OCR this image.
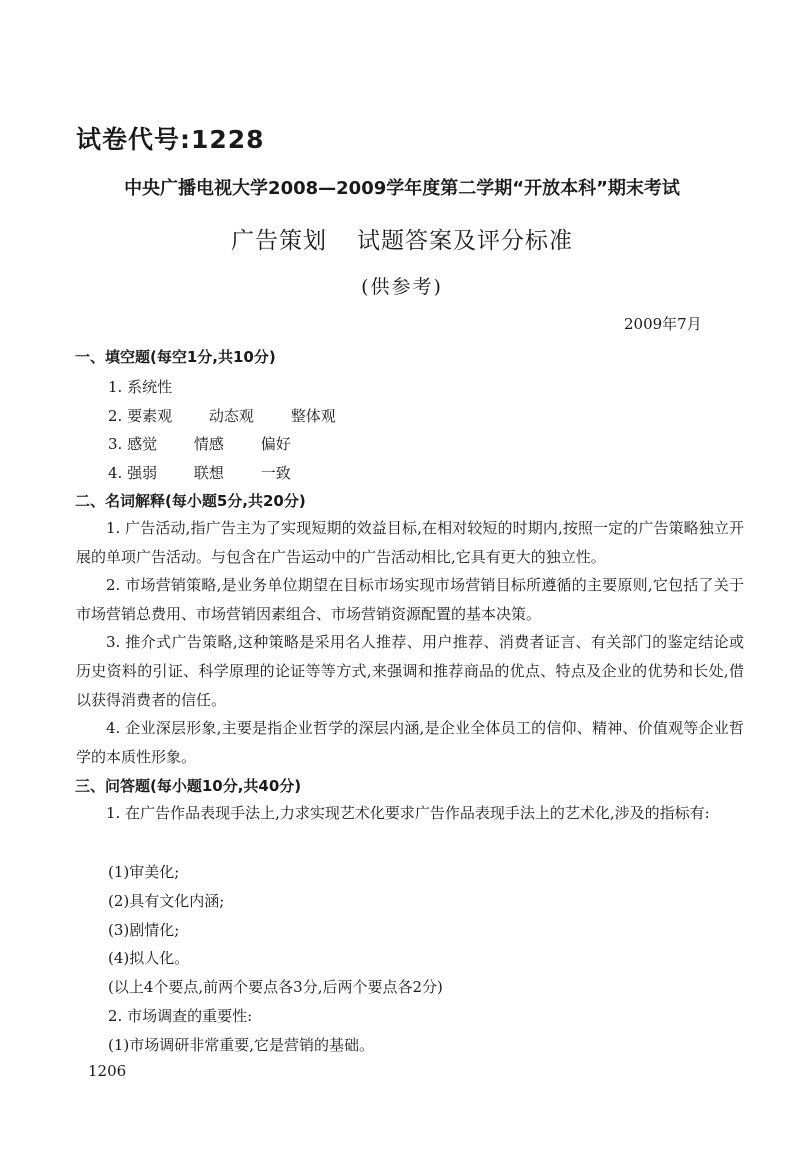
试卷代号:1228
中央广播电视大学2008—2009学年度第二学期“开放本科”期末考试
广告策划 试题答案及评分标准
(供参考)
2009年7月
一、填空题(每空1分,共10分)
1. 系统性
2. 要素观 动态观 整体观
3. 感觉 情感 偏好
4. 强弱 联想 一致
二、名词解释(每小题5分,共20分)
1. 广告活动,指广告主为了实现短期的效益目标,在相对较短的时期内,按照一定的广告策略独立开展的单项广告活动。与包含在广告运动中的广告活动相比,它具有更大的独立性。
2. 市场营销策略,是业务单位期望在目标市场实现市场营销目标所遵循的主要原则,它包括了关于市场营销总费用、市场营销因素组合、市场营销资源配置的基本决策。
3. 推介式广告策略,这种策略是采用名人推荐、用户推荐、消费者证言、有关部门的鉴定结论或历史资料的引证、科学原理的论证等等方式,来强调和推荐商品的优点、特点及企业的优势和长处,借以获得消费者的信任。
4. 企业深层形象,主要是指企业哲学的深层内涵,是企业全体员工的信仰、精神、价值观等企业哲学的本质性形象。
三、问答题(每小题10分,共40分)
1. 在广告作品表现手法上,力求实现艺术化要求广告作品表现手法上的艺术化,涉及的指标有:
(1)审美化;
(2)具有文化内涵;
(3)剧情化;
(4)拟人化。
(以上4个要点,前两个要点各3分,后两个要点各2分)
2. 市场调查的重要性:
(1)市场调研非常重要,它是营销的基础。
1206
